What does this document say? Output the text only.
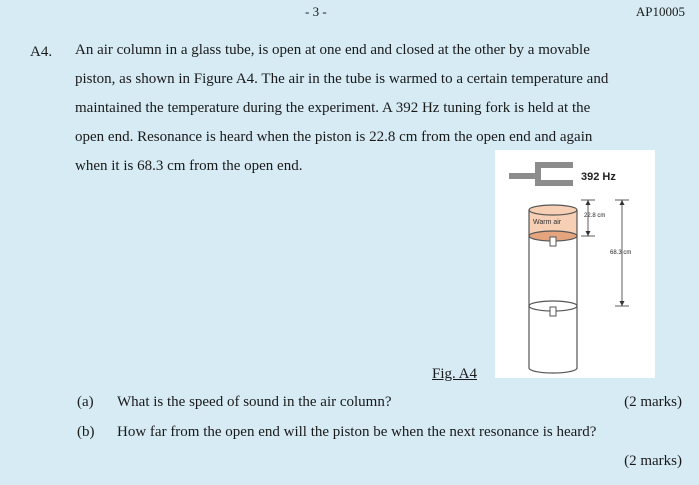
- 3 -	AP10005
A4. An air column in a glass tube, is open at one end and closed at the other by a movable
piston, as shown in Figure A4. The air in the tube is warmed to a certain temperature and
maintained the temperature during the experiment. A 392 Hz tuning fork is held at the
open end. Resonance is heard when the piston is 22.8 cm from the open end and again
when it is 68.3 cm from the open end.
392 Hz
Warm air
22.8 cm
68.3 cm
Fig. A4
(a) What is the speed of sound in the air column?	(2 marks)
(b) How far from the open end will the piston be when the next resonance is heard?
(2 marks)
